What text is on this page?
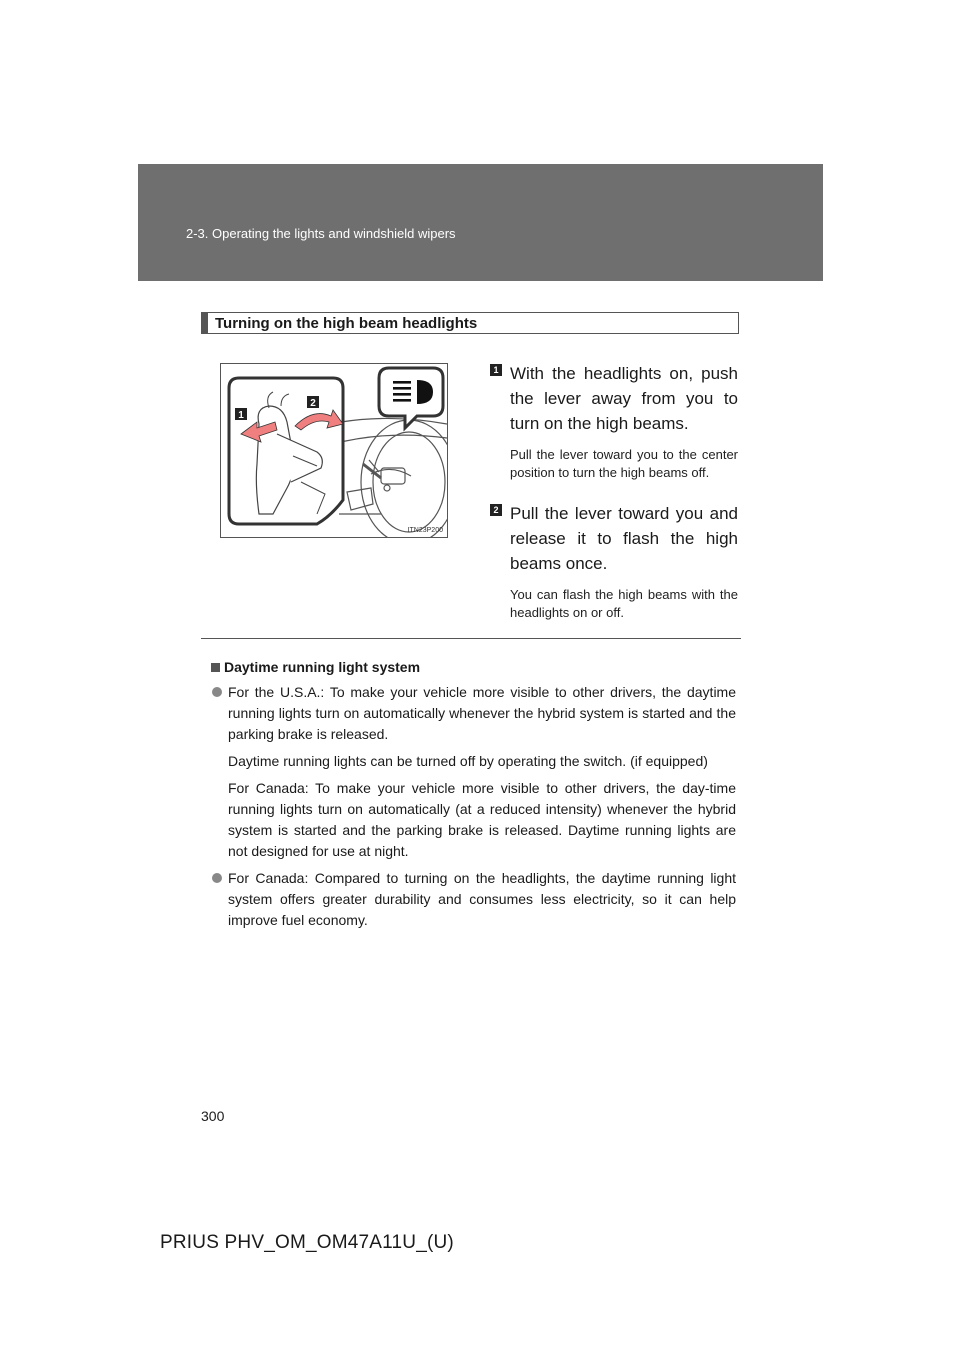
2-3. Operating the lights and windshield wipers
Turning on the high beam headlights
1
2
ITN23P200
1 With the headlights on, push the lever away from you to turn on the high beams.
Pull the lever toward you to the center position to turn the high beams off.
2 Pull the lever toward you and release it to flash the high beams once.
You can flash the high beams with the headlights on or off.
Daytime running light system
For the U.S.A.: To make your vehicle more visible to other drivers, the daytime running lights turn on automatically whenever the hybrid system is started and the parking brake is released.
Daytime running lights can be turned off by operating the switch. (if equipped)
For Canada: To make your vehicle more visible to other drivers, the day-time running lights turn on automatically (at a reduced intensity) whenever the hybrid system is started and the parking brake is released. Daytime running lights are not designed for use at night.
For Canada: Compared to turning on the headlights, the daytime running light system offers greater durability and consumes less electricity, so it can help improve fuel economy.
300
PRIUS PHV_OM_OM47A11U_(U)
